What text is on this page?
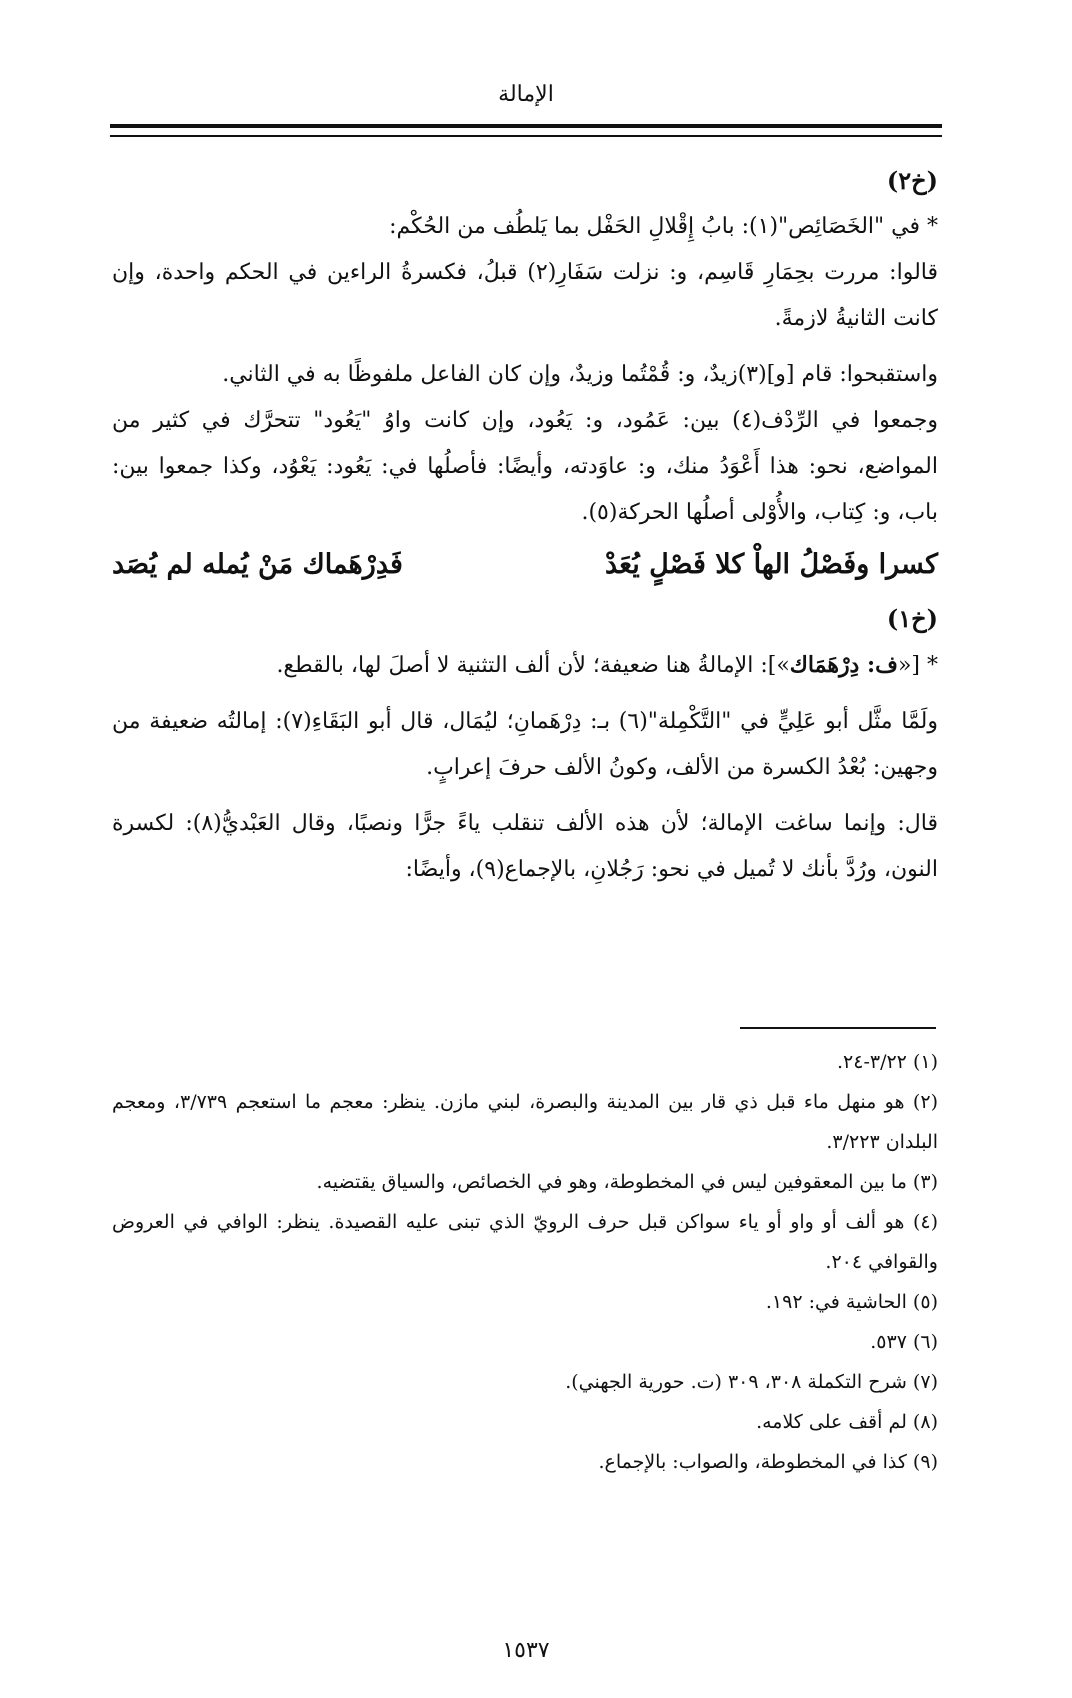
الإمالة

(خ٢)

* في "الخَصَائِص"(١): بابُ إِقْلالِ الحَفْل بما يَلطُف من الحُكْم:

قالوا: مررت بحِمَارِ قَاسِم، و: نزلت سَفَارِ(٢) قبلُ، فكسرةُ الراءين في الحكم واحدة، وإن كانت الثانيةُ لازمةً.

واستقبحوا: قام [و](٣)زيدٌ، و: قُمْتُما وزيدٌ، وإن كان الفاعل ملفوظًا به في الثاني.

وجمعوا في الرِّدْف(٤) بين: عَمُود، و: يَعُود، وإن كانت واوُ "يَعُود" تتحرَّك في كثير من المواضع، نحو: هذا أَعْوَدُ منك، و: عاوَدته، وأيضًا: فأصلُها في: يَعُود: يَعْوُد، وكذا جمعوا بين: باب، و: كِتاب، والأُوْلى أصلُها الحركة(٥).

كسرا وفَصْلُ الهاْ كلا فَصْلٍ يُعَدْ
فَدِرْهَماك مَنْ يُمله لم يُصَد

(خ١)

* [«ف: دِرْهَمَاك»]: الإمالةُ هنا ضعيفة؛ لأن ألف التثنية لا أصلَ لها، بالقطع.

ولَمَّا مثَّل أبو عَلِيٍّ في "التَّكْمِلة"(٦) بـ: دِرْهَمانِ؛ ليُمَال، قال أبو البَقَاءِ(٧): إمالتُه ضعيفة من وجهين: بُعْدُ الكسرة من الألف، وكونُ الألف حرفَ إعرابٍ.

قال: وإنما ساغت الإمالة؛ لأن هذه الألف تنقلب ياءً جرًّا ونصبًا، وقال العَبْديُّ(٨): لكسرة النون، ورُدَّ بأنك لا تُميل في نحو: رَجُلانِ، بالإجماع(٩)، وأيضًا:

(١) ٣/٢٢-٢٤.

(٢) هو منهل ماء قبل ذي قار بين المدينة والبصرة، لبني مازن. ينظر: معجم ما استعجم ٣/٧٣٩، ومعجم البلدان ٣/٢٢٣.

(٣) ما بين المعقوفين ليس في المخطوطة، وهو في الخصائص، والسياق يقتضيه.

(٤) هو ألف أو واو أو ياء سواكن قبل حرف الرويّ الذي تبنى عليه القصيدة. ينظر: الوافي في العروض والقوافي ٢٠٤.

(٥) الحاشية في: ١٩٢.

(٦) ٥٣٧.

(٧) شرح التكملة ٣٠٨، ٣٠٩ (ت. حورية الجهني).

(٨) لم أقف على كلامه.

(٩) كذا في المخطوطة، والصواب: بالإجماع.

١٥٣٧
